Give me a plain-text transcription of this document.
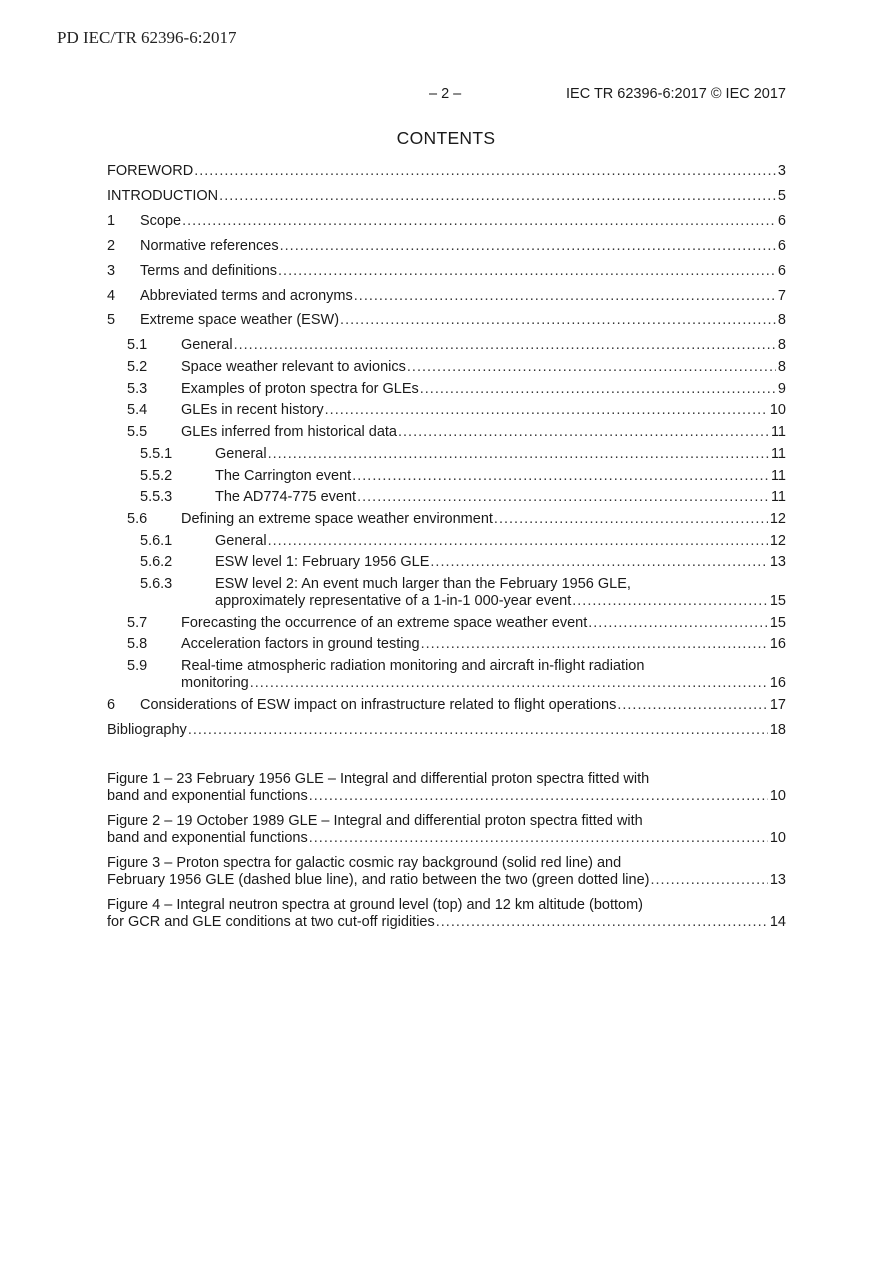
PD IEC/TR 62396-6:2017
– 2 –	IEC TR 62396-6:2017 © IEC 2017
CONTENTS
FOREWORD .....	3
INTRODUCTION .....	5
1 Scope .....	6
2 Normative references .....	6
3 Terms and definitions .....	6
4 Abbreviated terms and acronyms .....	7
5 Extreme space weather (ESW) .....	8
5.1 General .....	8
5.2 Space weather relevant to avionics .....	8
5.3 Examples of proton spectra for GLEs .....	9
5.4 GLEs in recent history .....	10
5.5 GLEs inferred from historical data .....	11
5.5.1	General .....	11
5.5.2	The Carrington event .....	11
5.5.3	The AD774-775 event .....	11
5.6 Defining an extreme space weather environment .....	12
5.6.1	General .....	12
5.6.2	ESW level 1: February 1956 GLE .....	13
5.6.3	ESW level 2: An event much larger than the February 1956 GLE,
approximately representative of a 1-in-1 000-year event .....	15
5.7 Forecasting the occurrence of an extreme space weather event .....	15
5.8 Acceleration factors in ground testing .....	16
5.9 Real-time atmospheric radiation monitoring and aircraft in-flight radiation
monitoring .....	16
6 Considerations of ESW impact on infrastructure related to flight operations .....	17
Bibliography .....	18
Figure 1 – 23 February 1956 GLE – Integral and differential proton spectra fitted with
band and exponential functions .....	10
Figure 2 – 19 October 1989 GLE – Integral and differential proton spectra fitted with
band and exponential functions .....	10
Figure 3 – Proton spectra for galactic cosmic ray background (solid red line) and
February 1956 GLE (dashed blue line), and ratio between the two (green dotted line) .....	13
Figure 4 – Integral neutron spectra at ground level (top) and 12 km altitude (bottom)
for GCR and GLE conditions at two cut-off rigidities .....	14
